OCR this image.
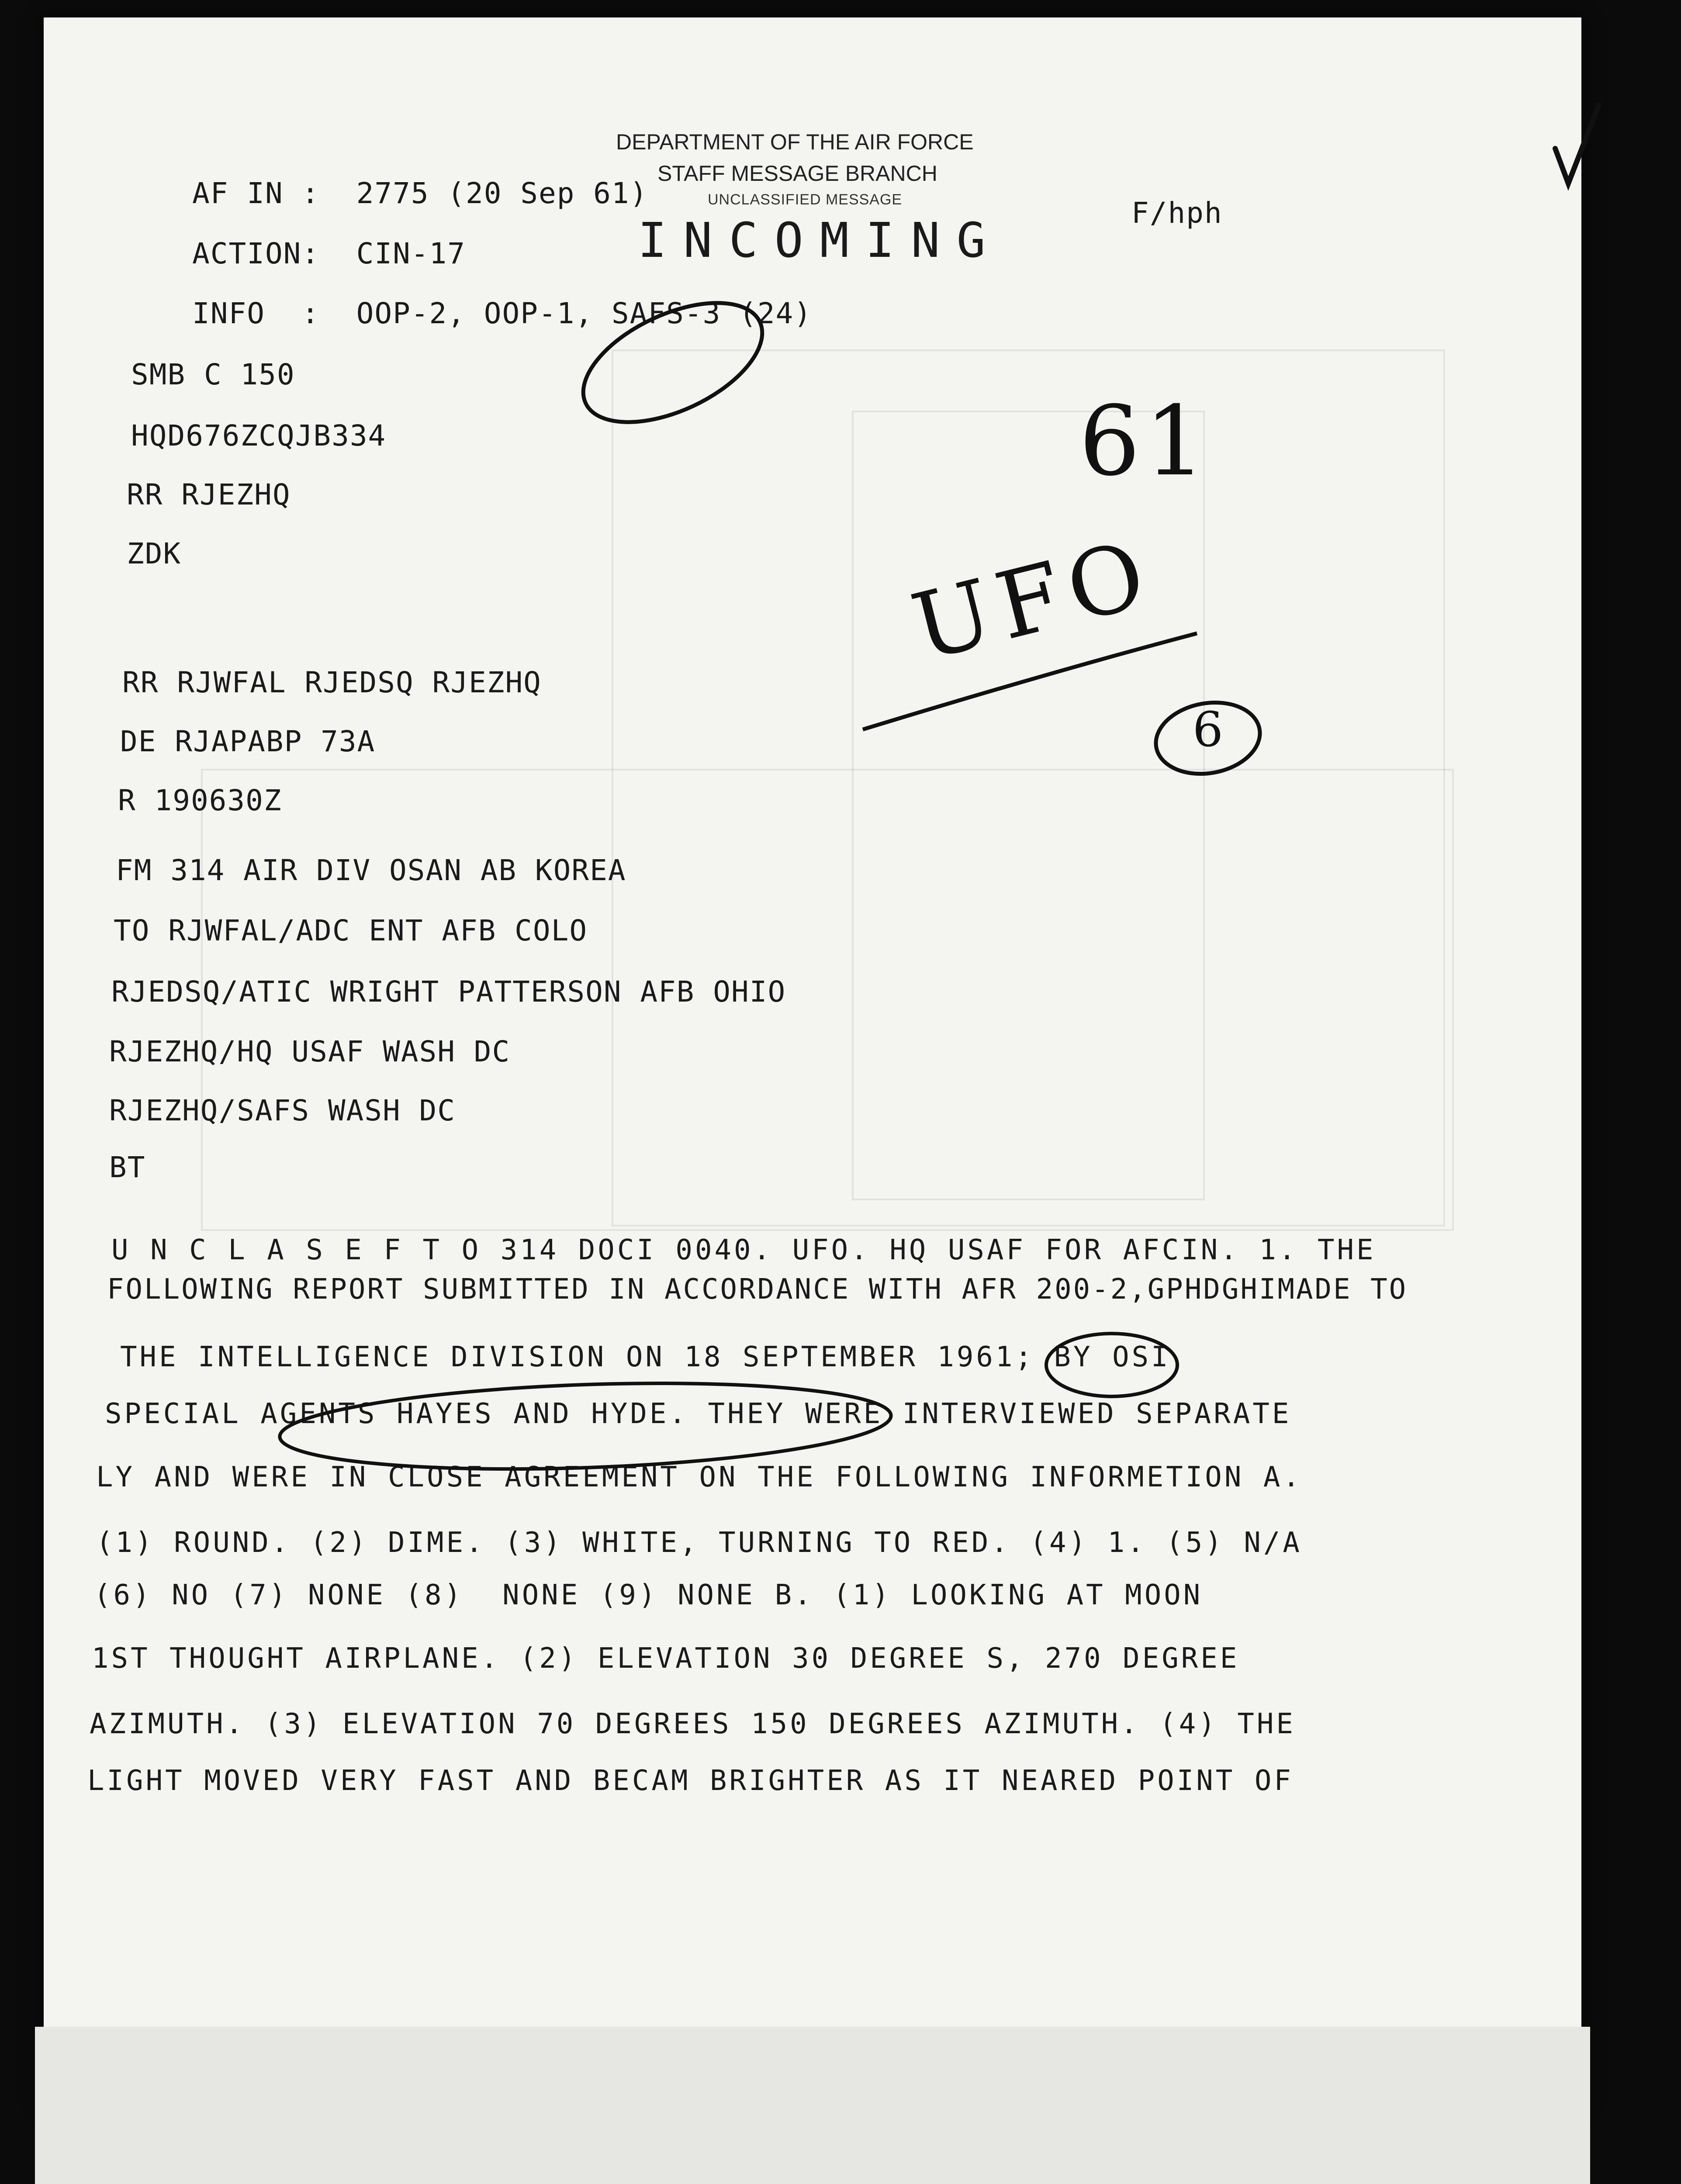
DEPARTMENT OF THE AIR FORCE
STAFF MESSAGE BRANCH
UNCLASSIFIED MESSAGE
INCOMING
AF IN :  2775 (20 Sep 61)
ACTION:  CIN-17
INFO  :  OOP-2, OOP-1, SAFS-3 (24)
F/hph
SMB C 150
HQD676ZCQJB334
RR RJEZHQ
ZDK
RR RJWFAL RJEDSQ RJEZHQ
DE RJAPABP 73A
R 190630Z
FM 314 AIR DIV OSAN AB KOREA
TO RJWFAL/ADC ENT AFB COLO
RJEDSQ/ATIC WRIGHT PATTERSON AFB OHIO
RJEZHQ/HQ USAF WASH DC
RJEZHQ/SAFS WASH DC
BT
U N C L A S E F T O 314 DOCI 0040. UFO. HQ USAF FOR AFCIN. 1. THE
FOLLOWING REPORT SUBMITTED IN ACCORDANCE WITH AFR 200-2,GPHDGHIMADE TO
THE INTELLIGENCE DIVISION ON 18 SEPTEMBER 1961; BY OSI
SPECIAL AGENTS HAYES AND HYDE. THEY WERE INTERVIEWED SEPARATE
LY AND WERE IN CLOSE AGREEMENT ON THE FOLLOWING INFORMETION A.
(1) ROUND. (2) DIME. (3) WHITE, TURNING TO RED. (4) 1. (5) N/A
(6) NO (7) NONE (8)  NONE (9) NONE B. (1) LOOKING AT MOON
1ST THOUGHT AIRPLANE. (2) ELEVATION 30 DEGREE S, 270 DEGREE
AZIMUTH. (3) ELEVATION 70 DEGREES 150 DEGREES AZIMUTH. (4) THE
LIGHT MOVED VERY FAST AND BECAM BRIGHTER AS IT NEARED POINT OF
61
UFO
6
